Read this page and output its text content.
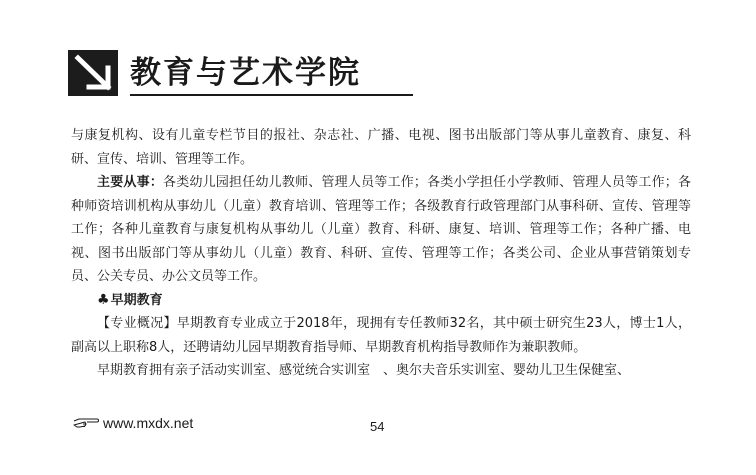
教育与艺术学院

与康复机构、设有儿童专栏节目的报社、杂志社、广播、电视、图书出版部门等从事儿童教育、康复、科研、宣传、培训、管理等工作。

主要从事：各类幼儿园担任幼儿教师、管理人员等工作；各类小学担任小学教师、管理人员等工作；各种师资培训机构从事幼儿（儿童）教育培训、管理等工作；各级教育行政管理部门从事科研、宣传、管理等工作；各种儿童教育与康复机构从事幼儿（儿童）教育、科研、康复、培训、管理等工作；各种广播、电视、图书出版部门等从事幼儿（儿童）教育、科研、宣传、管理等工作；各类公司、企业从事营销策划专员、公关专员、办公文员等工作。

♣ 早期教育

【专业概况】早期教育专业成立于2018年，现拥有专任教师32名，其中硕士研究生23人，博士1人，副高以上职称8人，还聘请幼儿园早期教育指导师、早期教育机构指导教师作为兼职教师。

早期教育拥有亲子活动实训室、感觉统合实训室　、奥尔夫音乐实训室、婴幼儿卫生保健室、

www.mxdx.net	54
